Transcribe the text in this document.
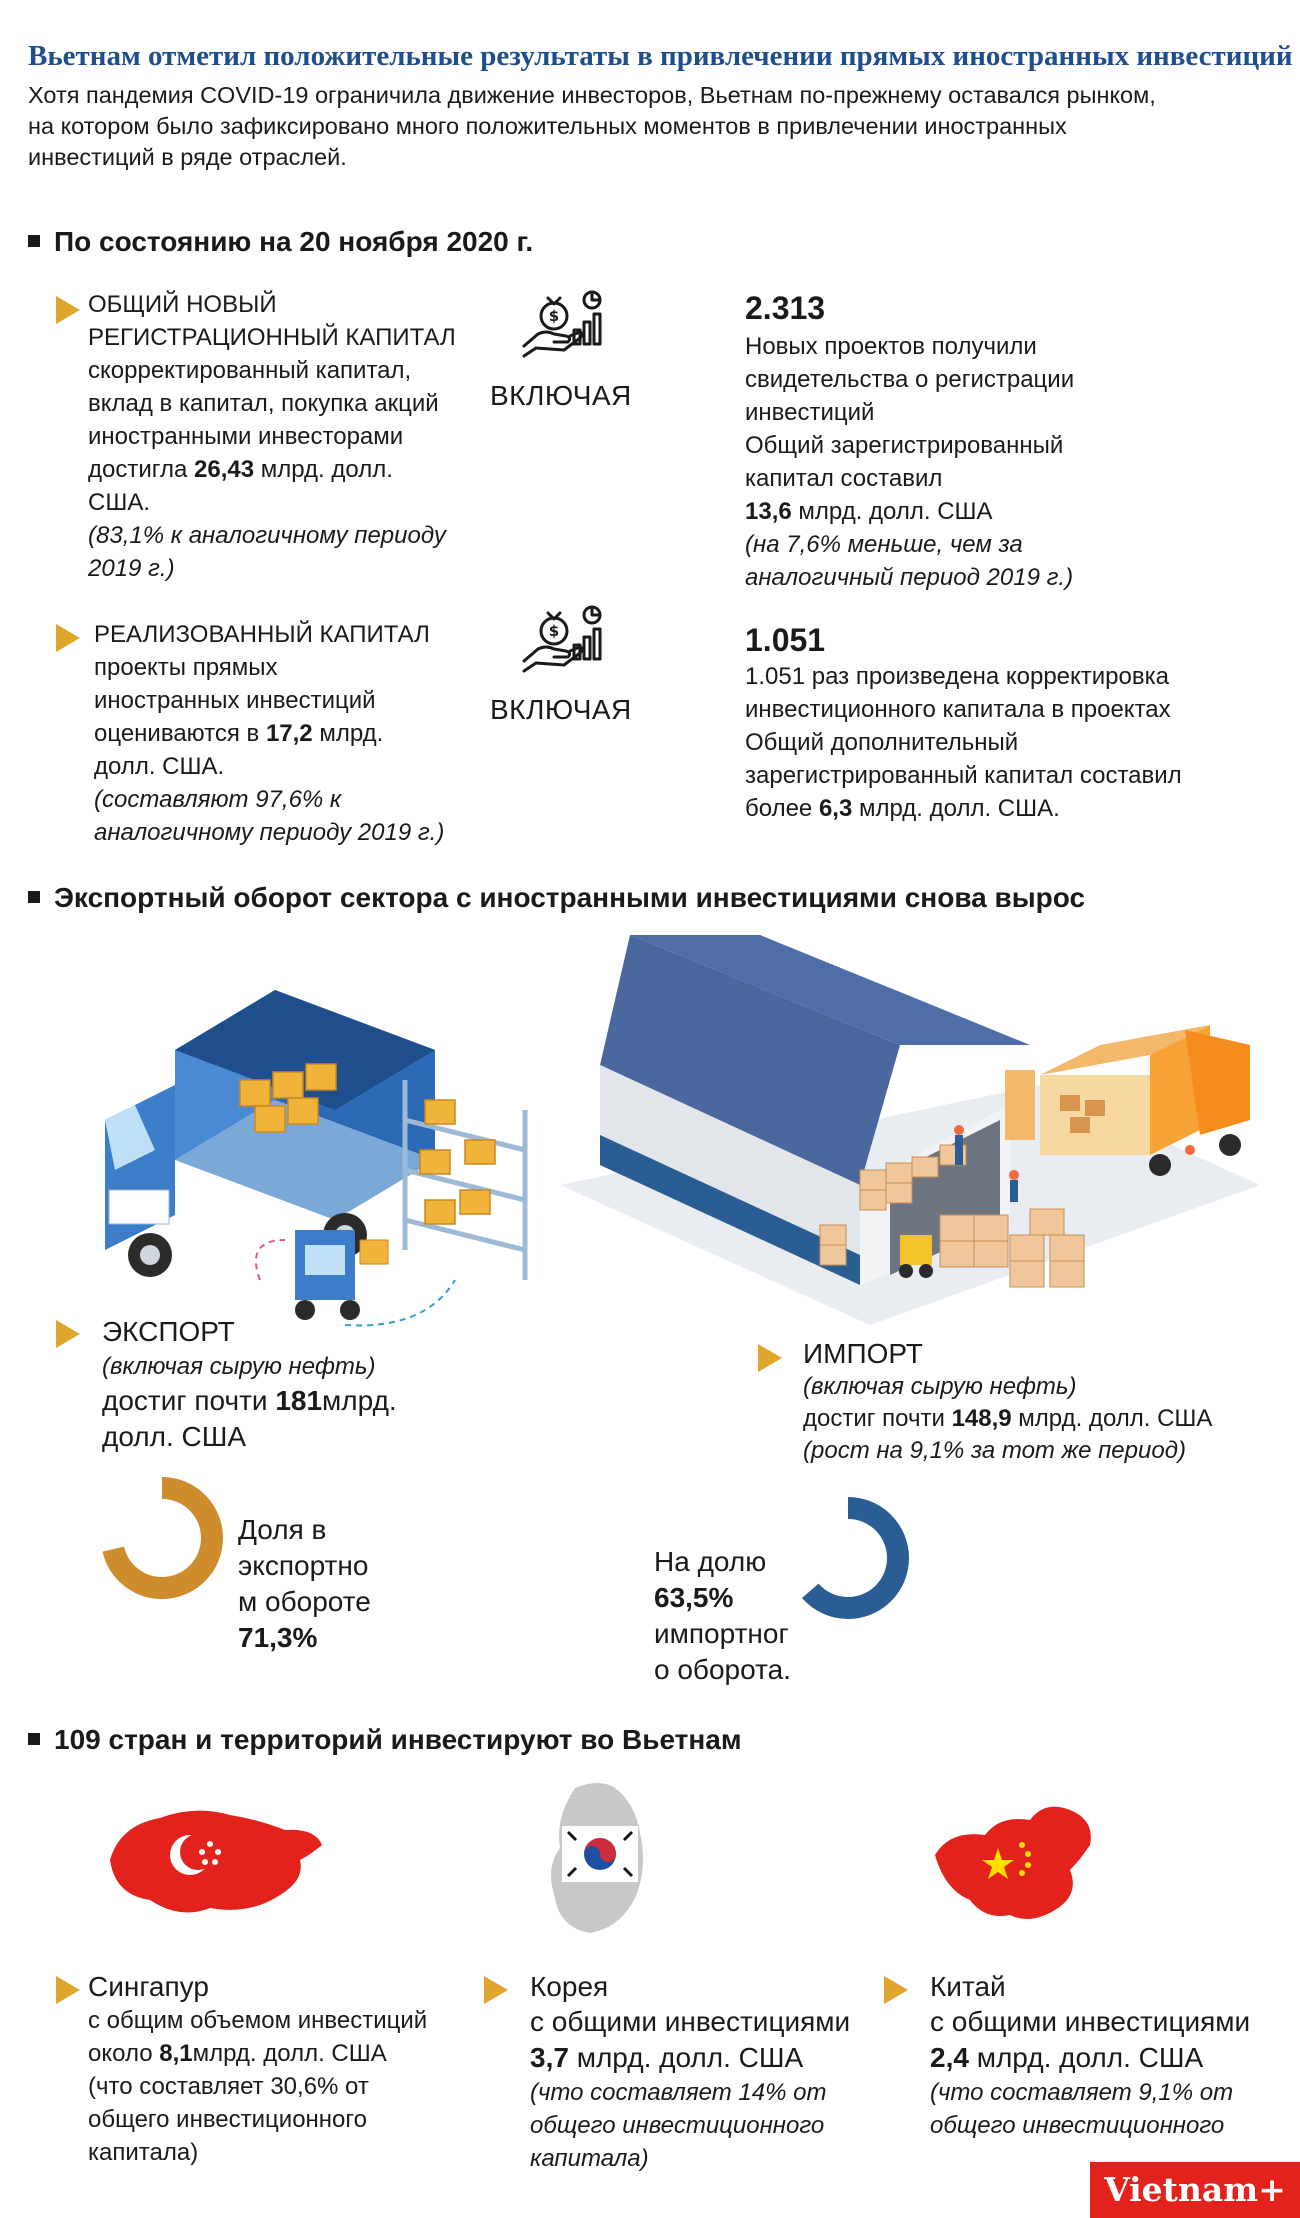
Вьетнам отметил положительные результаты в привлечении прямых иностранных инвестиций
Хотя пандемия COVID-19 ограничила движение инвесторов, Вьетнам по-прежнему оставался рынком, на котором было зафиксировано много положительных моментов в привлечении иностранных инвестиций в ряде отраслей.
По состоянию на 20 ноября 2020 г.
ОБЩИЙ НОВЫЙ
РЕГИСТРАЦИОННЫЙ КАПИТАЛ
скорректированный капитал,
вклад в капитал, покупка акций
иностранными инвесторами
достигла 26,43 млрд. долл.
США.
(83,1% к аналогичному периоду
2019 г.)
$
ВКЛЮЧАЯ
2.313
Новых проектов получили
свидетельства о регистрации
инвестиций
Общий зарегистрированный
капитал составил
13,6 млрд. долл. США
(на 7,6% меньше, чем за
аналогичный период 2019 г.)
РЕАЛИЗОВАННЫЙ КАПИТАЛ
проекты прямых
иностранных инвестиций
оцениваются в 17,2 млрд.
долл. США.
(составляют 97,6% к
аналогичному периоду 2019 г.)
$
ВКЛЮЧАЯ
1.051
1.051 раз произведена корректировка
инвестиционного капитала в проектах
Общий дополнительный
зарегистрированный капитал составил
более 6,3 млрд. долл. США.
Экспортный оборот сектора с иностранными инвестициями снова вырос
ЭКСПОРТ
(включая сырую нефть)
достиг почти 181млрд.
долл. США
Доля в
экспортно
м обороте
71,3%
ИМПОРТ
(включая сырую нефть)
достиг почти 148,9 млрд. долл. США
(рост на 9,1% за тот же период)
На долю
63,5%
импортног
о оборота.
109 стран и территорий инвестируют во Вьетнам
Сингапур
с общим объемом инвестиций
около 8,1млрд. долл. США
(что составляет 30,6% от
общего инвестиционного
капитала)
Корея
с общими инвестициями
3,7 млрд. долл. США
(что составляет 14% от
общего инвестиционного
капитала)
Китай
с общими инвестициями
2,4 млрд. долл. США
(что составляет 9,1% от
общего инвестиционного
Vietnam+
